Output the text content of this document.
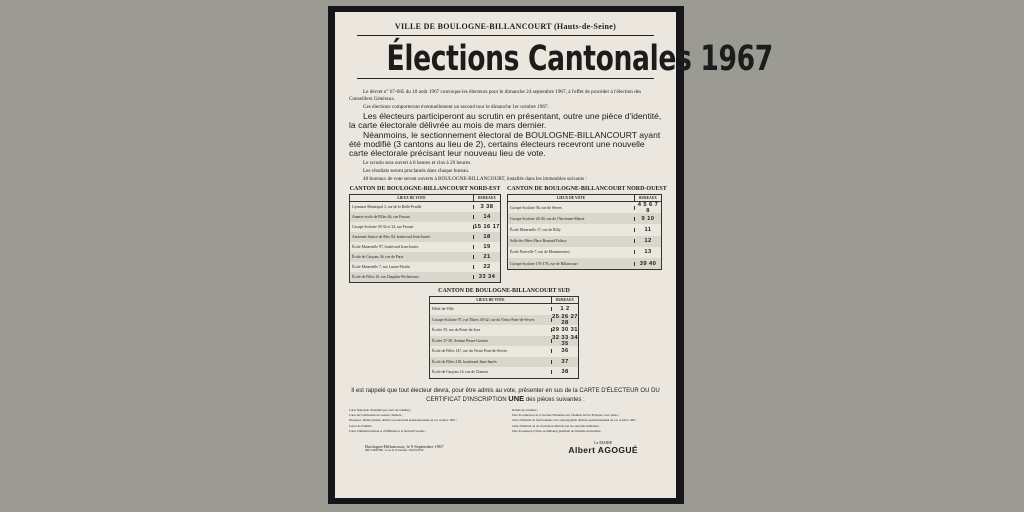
VILLE DE BOULOGNE-BILLANCOURT (Hauts-de-Seine)
Élections Cantonales 1967

Le décret n° 67-685 du 10 août 1967 convoque les électeurs pour le dimanche 24 septembre 1967, à l'effet de procéder à l'élection des Conseillers Généraux.

Ces élections comporteront éventuellement un second tour le dimanche 1er octobre 1967.

Les électeurs participeront au scrutin en présentant, outre une pièce d'identité, la carte électorale délivrée au mois de mars dernier.

Néanmoins, le sectionnement électoral de BOULOGNE-BILLANCOURT ayant été modifié (3 cantons au lieu de 2), certains électeurs recevront une nouvelle carte électorale précisant leur nouveau lieu de vote.

Le scrutin sera ouvert à 8 heures et clos à 20 heures.

Les résultats seront proclamés dans chaque bureau.

40 bureaux de vote seront ouverts à BOULOGNE-BILLANCOURT, installés dans les immeubles suivants :

CANTON DE BOULOGNE-BILLANCOURT NORD-EST
LIEUX DE VOTE	BUREAUX
Gymnase Municipal 3, rue de la Belle-Feuille	3 38
Annexe école de Filles 46, rue Fessart	14
Groupe Scolaire 30-32 et 34, rue Fessart	15 16 17
Ancienne Justice de Paix 84, boulevard Jean-Jaurès	18
École Maternelle 97, boulevard Jean-Jaurès	19
École de Garçons 36, rue de Paris	21
École Maternelle 7, rue Lazare-Hoche	22
École de Filles 10, rue Dauphin-Pechereaux	33 34
CANTON DE BOULOGNE-BILLANCOURT NORD-OUEST
LIEUX DE VOTE	BUREAUX
Groupe Scolaire 36, rue de Sèvres	4 5 6 7 8
Groupe Scolaire 26-30, rue de l'Ancienne-Mairie	9 10
École Maternelle 17, rue de Billy	11
Salle des Fêtes Place Bernard Palissy	12
École Nouvelle 7, rue de Montmorency	13
Groupe Scolaire 176-178, rue de Billancourt	39 40
CANTON DE BOULOGNE-BILLANCOURT SUD
LIEUX DE VOTE	BUREAUX
Hôtel-de-Ville	1 2
Groupe Scolaire 97, rue Thiers 40-42, rue du Vieux-Pont-de-Sèvres	25 26 27 28
Écoles 59, rue du Point-du-Jour	29 30 31
Écoles 37-39, Avenue Pierre-Grenier	32 33 34 35
École de Filles 147, rue du Vieux-Pont-de-Sèvres	36
École de Filles 218, boulevard Jean-Jaurès	37
École de Garçons 14, rue de Clamart	38
Il est rappelé que tout électeur devra, pour être admis au vote, présenter en sus de la CARTE D'ÉLECTEUR OU DU CERTIFICAT D'INSCRIPTION UNE des pièces suivantes :
Carte Nationale d'Identité (en cours de validité) ;
Carte du Combattant de couleur chamois ;
Passeport, même périmé, délivré ou renouvelé postérieurement au 1er octobre 1961 ;
Livret de Famille ;
Carte d'immatriculation et d'affiliation à la Sécurité Sociale ;
Permis de conduire ;
Titre de réduction de la Société Nationale des Chemins de Fer Français, avec photo ;
Carte d'identité de fonctionnaire avec photographie délivrée postérieurement au 1er octobre 1961 ;
Carte d'identité ou de circulation délivrée par les autorités militaires ;
Titre de pension (civile ou militaire) justifiant de l'identité du titulaire.
Boulogne-Billancourt, le 9 Septembre 1967
IMP. SABATIER - 9, rue de la Tournelle - BOULOGNE
Le MAIRE
Albert AGOGUÉ
